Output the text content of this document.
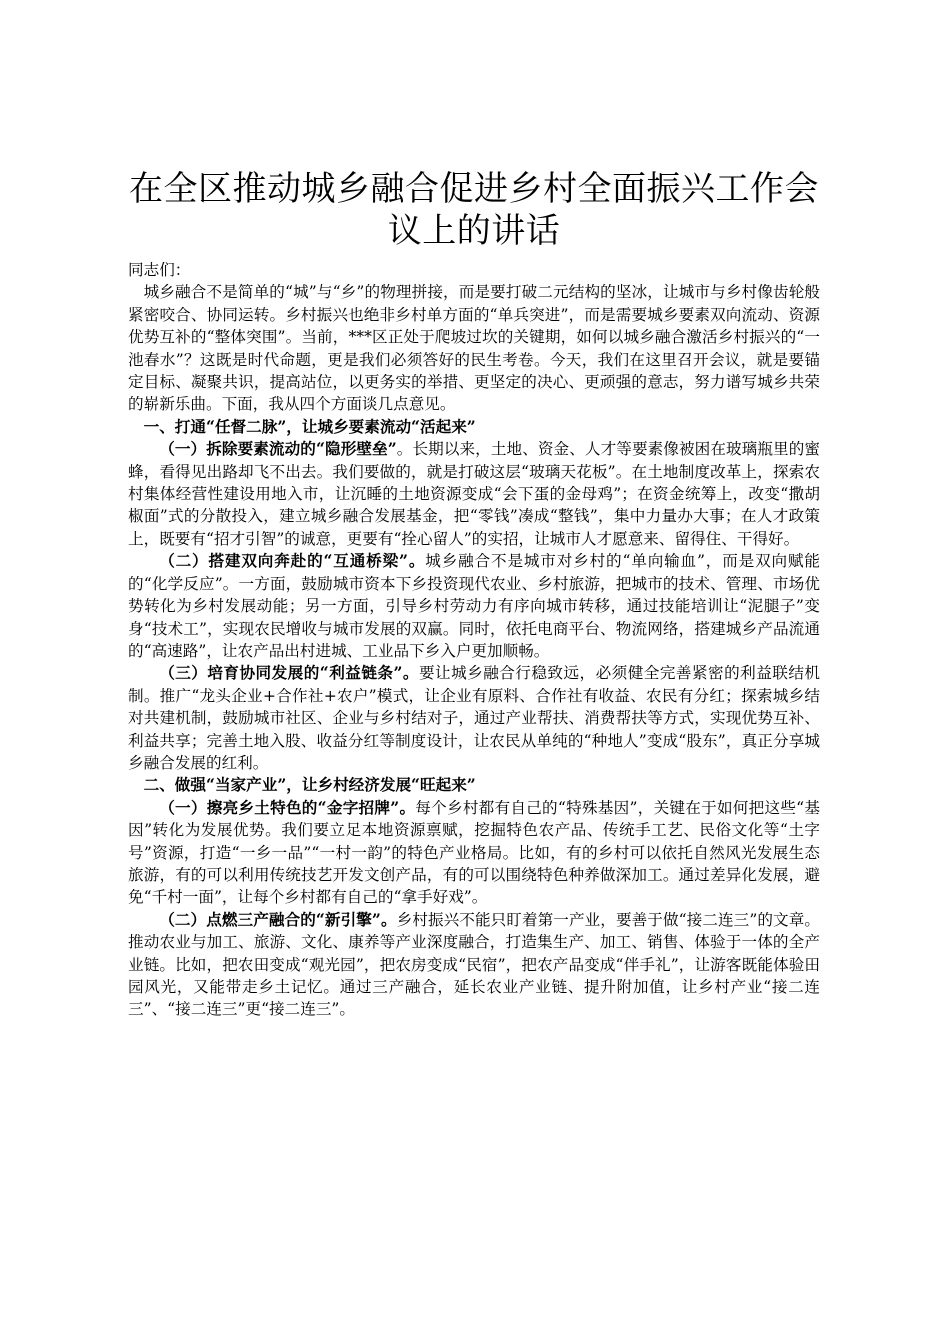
在全区推动城乡融合促进乡村全面振兴工作会议上的讲话

同志们：

城乡融合不是简单的“城”与“乡”的物理拼接，而是要打破二元结构的坚冰，让城市与乡村像齿轮般紧密咬合、协同运转。乡村振兴也绝非乡村单方面的“单兵突进”，而是需要城乡要素双向流动、资源优势互补的“整体突围”。当前，***区正处于爬坡过坎的关键期，如何以城乡融合激活乡村振兴的“一池春水”？这既是时代命题，更是我们必须答好的民生考卷。今天，我们在这里召开会议，就是要锚定目标、凝聚共识，提高站位，以更务实的举措、更坚定的决心、更顽强的意志，努力谱写城乡共荣的崭新乐曲。下面，我从四个方面谈几点意见。

一、打通“任督二脉”，让城乡要素流动“活起来”

（一）拆除要素流动的“隐形壁垒”。长期以来，土地、资金、人才等要素像被困在玻璃瓶里的蜜蜂，看得见出路却飞不出去。我们要做的，就是打破这层“玻璃天花板”。在土地制度改革上，探索农村集体经营性建设用地入市，让沉睡的土地资源变成“会下蛋的金母鸡”；在资金统筹上，改变“撒胡椒面”式的分散投入，建立城乡融合发展基金，把“零钱”凑成“整钱”，集中力量办大事；在人才政策上，既要有“招才引智”的诚意，更要有“拴心留人”的实招，让城市人才愿意来、留得住、干得好。

（二）搭建双向奔赴的“互通桥梁”。城乡融合不是城市对乡村的“单向输血”，而是双向赋能的“化学反应”。一方面，鼓励城市资本下乡投资现代农业、乡村旅游，把城市的技术、管理、市场优势转化为乡村发展动能；另一方面，引导乡村劳动力有序向城市转移，通过技能培训让“泥腿子”变身“技术工”，实现农民增收与城市发展的双赢。同时，依托电商平台、物流网络，搭建城乡产品流通的“高速路”，让农产品出村进城、工业品下乡入户更加顺畅。

（三）培育协同发展的“利益链条”。要让城乡融合行稳致远，必须健全完善紧密的利益联结机制。推广“龙头企业+合作社+农户”模式，让企业有原料、合作社有收益、农民有分红；探索城乡结对共建机制，鼓励城市社区、企业与乡村结对子，通过产业帮扶、消费帮扶等方式，实现优势互补、利益共享；完善土地入股、收益分红等制度设计，让农民从单纯的“种地人”变成“股东”，真正分享城乡融合发展的红利。

二、做强“当家产业”，让乡村经济发展“旺起来”

（一）擦亮乡土特色的“金字招牌”。每个乡村都有自己的“特殊基因”，关键在于如何把这些“基因”转化为发展优势。我们要立足本地资源禀赋，挖掘特色农产品、传统手工艺、民俗文化等“土字号”资源，打造“一乡一品”“一村一韵”的特色产业格局。比如，有的乡村可以依托自然风光发展生态旅游，有的可以利用传统技艺开发文创产品，有的可以围绕特色种养做深加工。通过差异化发展，避免“千村一面”，让每个乡村都有自己的“拿手好戏”。

（二）点燃三产融合的“新引擎”。乡村振兴不能只盯着第一产业，要善于做“接二连三”的文章。推动农业与加工、旅游、文化、康养等产业深度融合，打造集生产、加工、销售、体验于一体的全产业链。比如，把农田变成“观光园”，把农房变成“民宿”，把农产品变成“伴手礼”，让游客既能体验田园风光，又能带走乡土记忆。通过三产融合，延长农业产业链、提升附加值，让乡村产业“接二连三”、“接二连三”更“接二连三”。
